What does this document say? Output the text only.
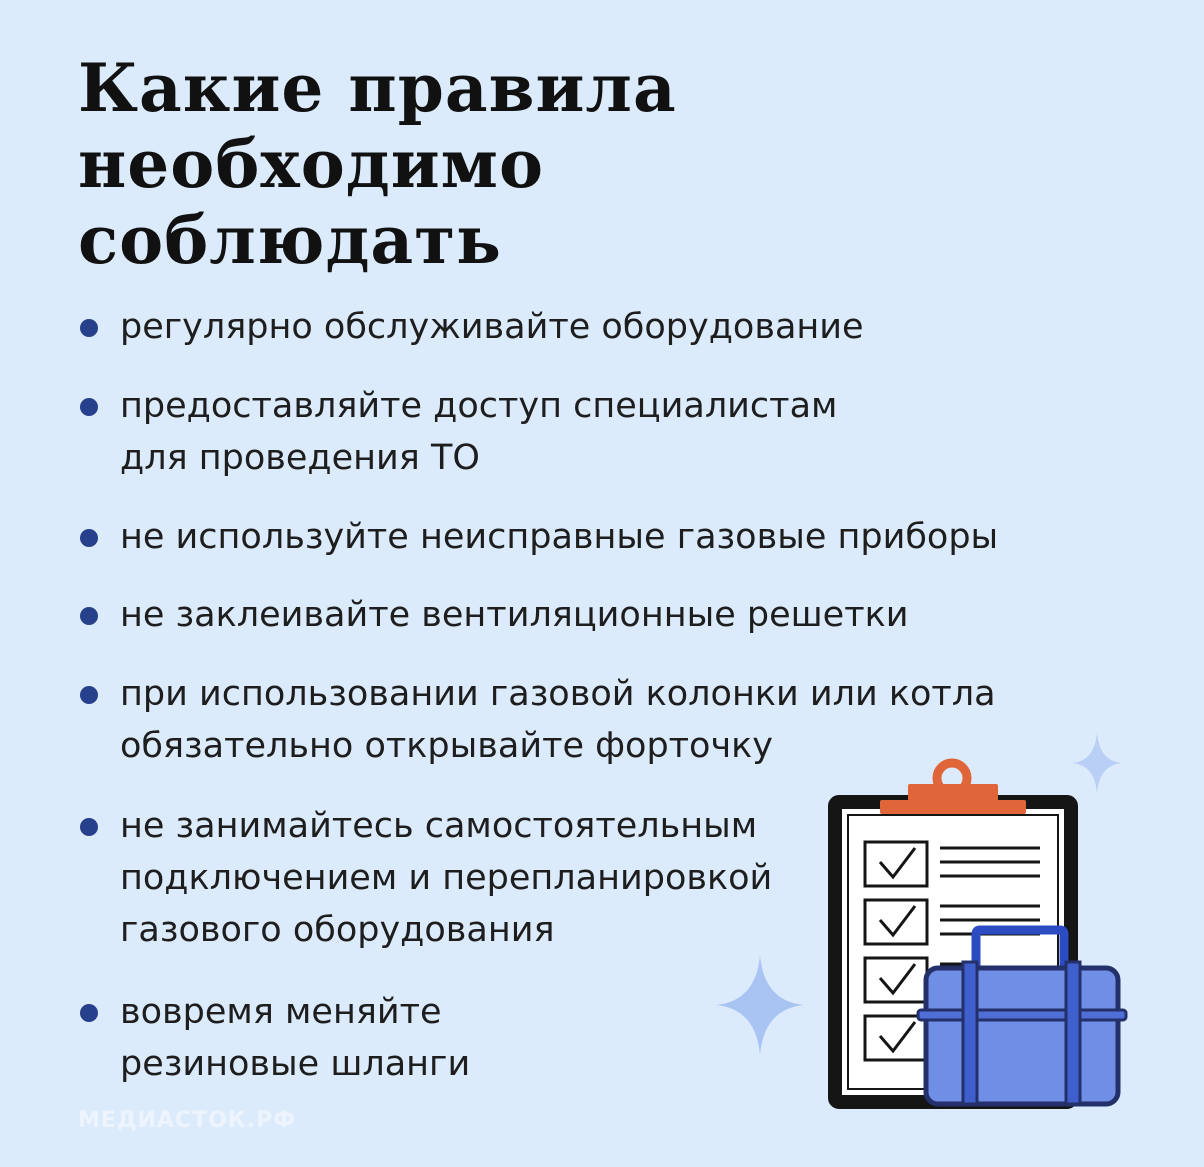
Какие правила
необходимо
соблюдать
регулярно обслуживайте оборудование
предоставляйте доступ специалистам
для проведения ТО
не используйте неисправные газовые приборы
не заклеивайте вентиляционные решетки
при использовании газовой колонки или котла
обязательно открывайте форточку
не занимайтесь самостоятельным
подключением и перепланировкой
газового оборудования
вовремя меняйте
резиновые шланги
МЕДИАСТОК.РФ
